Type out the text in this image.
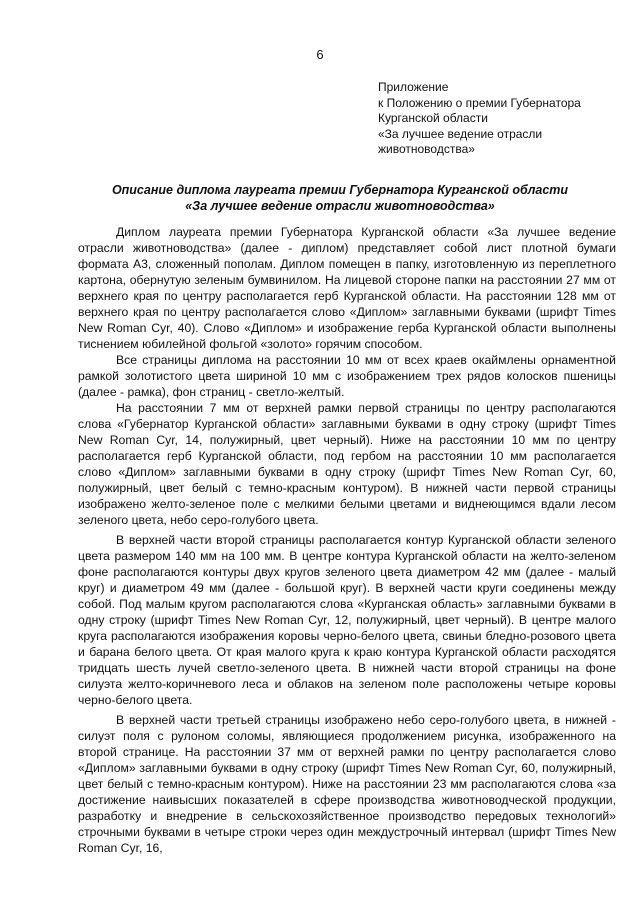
6
Приложение
к Положению о премии Губернатора
Курганской области
«За лучшее ведение отрасли
животноводства»
Описание диплома лауреата премии Губернатора Курганской области
«За лучшее ведение отрасли животноводства»

Диплом лауреата премии Губернатора Курганской области «За лучшее ведение отрасли животноводства» (далее - диплом) представляет собой лист плотной бумаги формата А3, сложенный пополам. Диплом помещен в папку, изготовленную из переплетного картона, обернутую зеленым бумвинилом. На лицевой стороне папки на расстоянии 27 мм от верхнего края по центру располагается герб Курганской области. На расстоянии 128 мм от верхнего края по центру располагается слово «Диплом» заглавными буквами (шрифт Times New Roman Cyr, 40). Слово «Диплом» и изображение герба Курганской области выполнены тиснением юбилейной фольгой «золото» горячим способом.

Все страницы диплома на расстоянии 10 мм от всех краев окаймлены орнаментной рамкой золотистого цвета шириной 10 мм с изображением трех рядов колосков пшеницы (далее - рамка), фон страниц - светло-желтый.

На расстоянии 7 мм от верхней рамки первой страницы по центру располагаются слова «Губернатор Курганской области» заглавными буквами в одну строку (шрифт Times New Roman Cyr, 14, полужирный, цвет черный). Ниже на расстоянии 10 мм по центру располагается герб Курганской области, под гербом на расстоянии 10 мм располагается слово «Диплом» заглавными буквами в одну строку (шрифт Times New Roman Cyr, 60, полужирный, цвет белый с темно-красным контуром). В нижней части первой страницы изображено желто-зеленое поле с мелкими белыми цветами и виднеющимся вдали лесом зеленого цвета, небо серо-голубого цвета.

В верхней части второй страницы располагается контур Курганской области зеленого цвета размером 140 мм на 100 мм. В центре контура Курганской области на желто-зеленом фоне располагаются контуры двух кругов зеленого цвета диаметром 42 мм (далее - малый круг) и диаметром 49 мм (далее - большой круг). В верхней части круги соединены между собой. Под малым кругом располагаются слова «Курганская область» заглавными буквами в одну строку (шрифт Times New Roman Cyr, 12, полужирный, цвет черный). В центре малого круга располагаются изображения коровы черно-белого цвета, свиньи бледно-розового цвета и барана белого цвета. От края малого круга к краю контура Курганской области расходятся тридцать шесть лучей светло-зеленого цвета. В нижней части второй страницы на фоне силуэта желто-коричневого леса и облаков на зеленом поле расположены четыре коровы черно-белого цвета.

В верхней части третьей страницы изображено небо серо-голубого цвета, в нижней - силуэт поля с рулоном соломы, являющиеся продолжением рисунка, изображенного на второй странице. На расстоянии 37 мм от верхней рамки по центру располагается слово «Диплом» заглавными буквами в одну строку (шрифт Times New Roman Cyr, 60, полужирный, цвет белый с темно-красным контуром). Ниже на расстоянии 23 мм располагаются слова «за достижение наивысших показателей в сфере производства животноводческой продукции, разработку и внедрение в сельскохозяйственное производство передовых технологий» строчными буквами в четыре строки через один междустрочный интервал (шрифт Times New Roman Cyr, 16,
